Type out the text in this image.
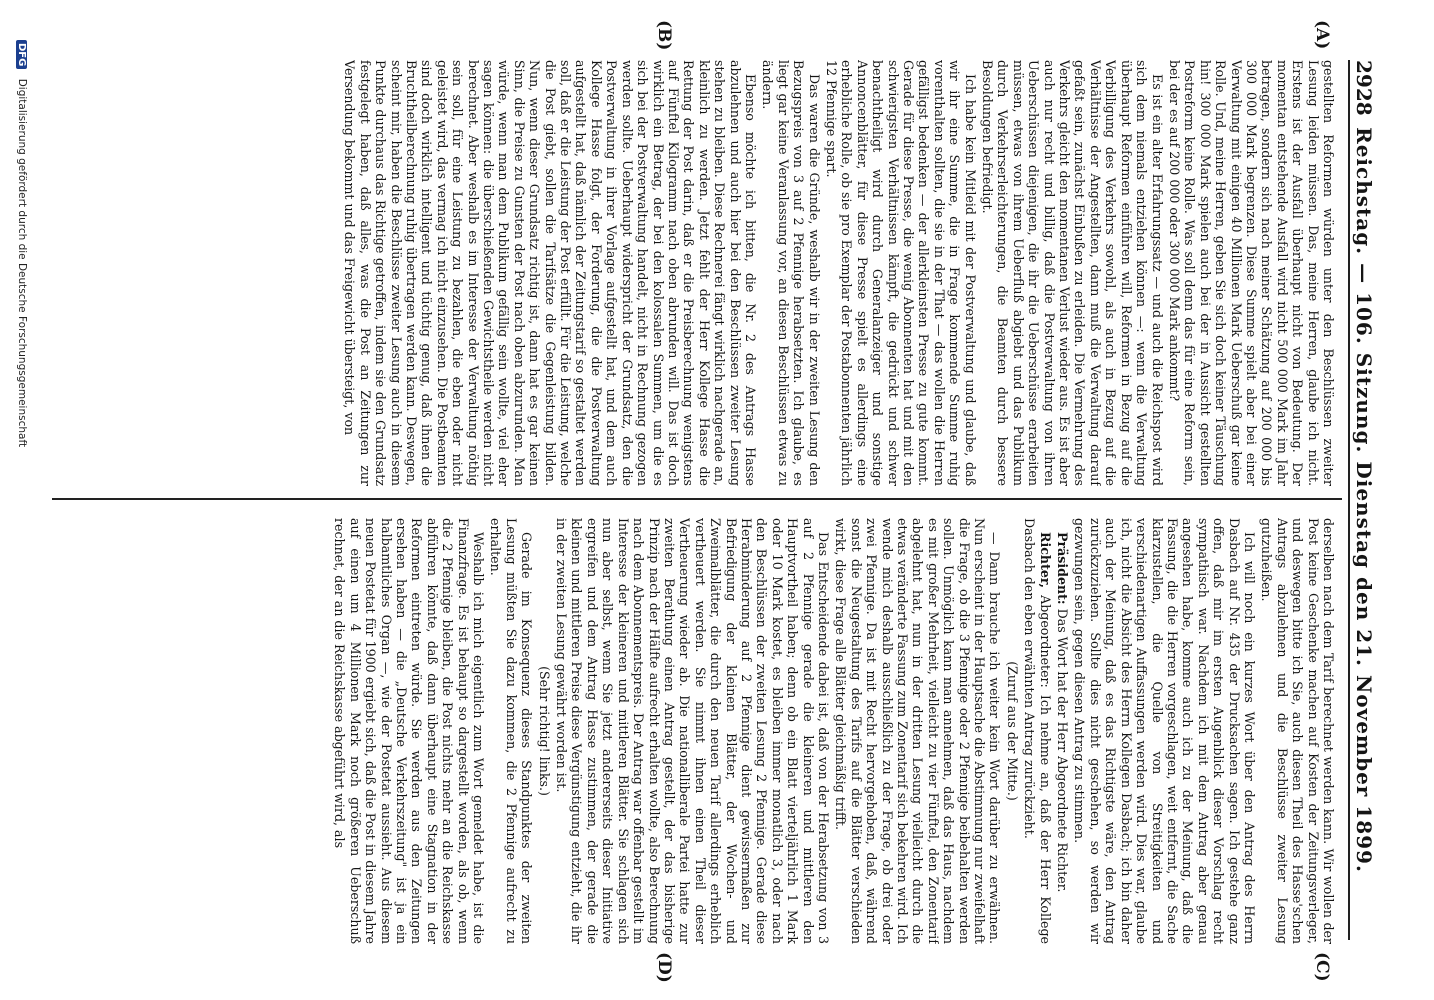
2928
Reichstag. — 106. Sitzung. Dienstag den 21. November 1899.
(A)
(B)
(C)
(D)

gestellten Reformen würden unter den Beschlüssen zweiter Lesung leiden müssen. Das, meine Herren, glaube ich nicht. Erstens ist der Ausfall überhaupt nicht von Bedeutung. Der momentan entstehende Ausfall wird nicht 500 000 Mark im Jahr betragen, sondern sich nach meiner Schätzung auf 200 000 bis 300 000 Mark begrenzen. Diese Summe spielt aber bei einer Verwaltung mit einigen 40 Millionen Mark Ueberschuß gar keine Rolle. Und, meine Herren, geben Sie sich doch keiner Täuschung hin! 300 000 Mark spielen auch bei der in Aussicht gestellten Postreform keine Rolle. Was soll denn das für eine Reform sein, bei der es auf 200 000 oder 300 000 Mark ankommt?

Es ist ein alter Erfahrungssatz — und auch die Reichspost wird sich dem niemals entziehen können —: wenn die Verwaltung überhaupt Reformen einführen will, Reformen in Bezug auf die Verbilligung des Verkehrs sowohl, als auch in Bezug auf die Verhältnisse der Angestellten, dann muß die Verwaltung darauf gefaßt sein, zunächst Einbußen zu erleiden. Die Vermehrung des Verkehrs gleicht den momentanen Verlust wieder aus. Es ist aber auch nur recht und billig, daß die Postverwaltung von ihren Ueberschüssen diejenigen, die ihr die Ueberschüsse erarbeiten müssen, etwas von ihrem Ueberfluß abgiebt und das Publikum durch Verkehrserleichterungen, die Beamten durch bessere Besoldungen befriedigt.

Ich habe kein Mitleid mit der Postverwaltung und glaube, daß wir ihr eine Summe, die in Frage kommende Summe ruhig vorenthalten sollten, die sie in der That — das wollen die Herren gefälligst bedenken — der allerkleinsten Presse zu gute kommt. Gerade für diese Presse, die wenig Abonnenten hat und mit den schwierigsten Verhältnissen kämpft, die gedrückt und schwer benachtheiligt wird durch Generalanzeiger und sonstige Annoncenblätter, für diese Presse spielt es allerdings eine erhebliche Rolle, ob sie pro Exemplar der Postabonnenten jährlich 12 Pfennige spart.

Das waren die Gründe, weshalb wir in der zweiten Lesung den Bezugspreis von 3 auf 2 Pfennige herabsetzten. Ich glaube, es liegt gar keine Veranlassung vor, an diesen Beschlüssen etwas zu ändern.

Ebenso möchte ich bitten, die Nr. 2 des Antrags Hasse abzulehnen und auch hier bei den Beschlüssen zweiter Lesung stehen zu bleiben. Diese Rechnerei fängt wirklich nachgerade an, kleinlich zu werden. Jetzt fehlt der Herr Kollege Hasse die Rettung der Post darin, daß er die Preisberechnung wenigstens auf Fünftel Kilogramm nach oben abrunden will. Das ist doch wirklich ein Betrag, der bei den kolossalen Summen, um die es sich bei der Postverwaltung handelt, nicht in Rechnung gezogen werden sollte. Ueberhaupt widerspricht der Grundsatz, den die Postverwaltung in ihrer Vorlage aufgestellt hat, und dem auch Kollege Hasse folgt, der Forderung, die die Postverwaltung aufgestellt hat, daß nämlich der Zeitungstarif so gestaltet werden soll, daß er die Leistung der Post erfüllt. Für die Leistung, welche die Post giebt, sollen die Tarifsätze die Gegenleistung bilden. Nun, wenn dieser Grundsatz richtig ist, dann hat es gar keinen Sinn, die Preise zu Gunsten der Post nach oben abzurunden. Man würde, wenn man dem Publikum gefällig sein wollte, viel eher sagen können: die überschießenden Gewichtstheile werden nicht berechnet. Aber weshalb es im Interesse der Verwaltung nöthig sein soll, für eine Leistung zu bezahlen, die eben oder nicht geleistet wird, das vermag ich nicht einzusehen. Die Postbeamten sind doch wirklich intelligent und tüchtig genug, daß ihnen die Bruchtheilberechnung ruhig übertragen werden kann. Deswegen, scheint mir, haben die Beschlüsse zweiter Lesung auch in diesem Punkte durchaus das Richtige getroffen, indem sie den Grundsatz festgelegt haben, daß alles, was die Post an Zeitungen zur Versendung bekommt und das Freigewicht übersteigt, von

derselben nach dem Tarif berechnet werden kann. Wir wollen der Post keine Geschenke machen auf Kosten der Zeitungsverleger, und deswegen bitte ich Sie, auch diesen Theil des Hasse'schen Antrags abzulehnen und die Beschlüsse zweiter Lesung gutzuheißen.

Ich will noch ein kurzes Wort über den Antrag des Herrn Dasbach auf Nr. 435 der Drucksachen sagen. Ich gestehe ganz offen, daß mir im ersten Augenblick dieser Vorschlag recht sympathisch war. Nachdem ich mit dem Antrag aber genau angesehen habe, komme auch ich zu der Meinung, daß die Fassung, die die Herren vorgeschlagen, weit entfernt, die Sache klarzustellen, die Quelle von Streitigkeiten und verschiedenartigen Auffassungen werden wird. Dies war, glaube ich, nicht die Absicht des Herrn Kollegen Dasbach; ich bin daher auch der Meinung, daß es das Richtigste wäre, den Antrag zurückzuziehen. Sollte dies nicht geschehen, so werden wir gezwungen sein, gegen diesen Antrag zu stimmen.

Präsident: Das Wort hat der Herr Abgeordnete Richter.

Richter, Abgeordneter: Ich nehme an, daß der Herr Kollege Dasbach den eben erwähnten Antrag zurückzieht.

(Zuruf aus der Mitte.)

— Dann brauche ich weiter kein Wort darüber zu erwähnen. Nun erscheint in der Hauptsache die Abstimmung nur zweifelhaft die Frage, ob die 3 Pfennige oder 2 Pfennige beibehalten werden sollen. Unmöglich kann man annehmen, daß das Haus, nachdem es mit großer Mehrheit, vielleicht zu vier Fünftel, den Zonentarif abgelehnt hat, nun in der dritten Lesung vielleicht durch die etwas veränderte Fassung zum Zonentarif sich bekehren wird. Ich wende mich deshalb ausschließlich zu der Frage, ob drei oder zwei Pfennige. Da ist mit Recht hervorgehoben, daß, während sonst die Neugestaltung des Tarifs auf die Blätter verschieden wirkt, diese Frage alle Blätter gleichmäßig trifft.

Das Entscheidende dabei ist, daß von der Herabsetzung von 3 auf 2 Pfennige gerade die kleineren und mittleren den Hauptvortheil haben; denn ob ein Blatt vierteljährlich 1 Mark oder 10 Mark kostet, es bleiben immer monatlich 3, oder nach den Beschlüssen der zweiten Lesung 2 Pfennige. Gerade diese Herabminderung auf 2 Pfennige dient gewissermaßen zur Befriedigung der kleinen Blätter, der Wochen- und Zweimalblätter, die durch den neuen Tarif allerdings erheblich vertheuert werden. Sie nimmt ihnen einen Theil dieser Vertheuerung wieder ab. Die nationalliberale Partei hatte zur zweiten Berathung einen Antrag gestellt, der das bisherige Prinzip nach der Hälfte aufrecht erhalten wollte, also Berechnung nach dem Abonnementspreis. Der Antrag war offenbar gestellt im Interesse der kleineren und mittleren Blätter. Sie schlagen sich nun aber selbst, wenn Sie jetzt andererseits dieser Initiative ergreifen und dem Antrag Hasse zustimmen, der gerade die kleinen und mittleren Preise diese Vergünstigung entzieht, die ihr in der zweiten Lesung gewährt worden ist.

(Sehr richtig! links.)

Gerade im Konsequenz dieses Standpunktes der zweiten Lesung müßten Sie dazu kommen, die 2 Pfennige aufrecht zu erhalten.

Weshalb ich mich eigentlich zum Wort gemeldet habe, ist die Finanzfrage. Es ist behaupt so dargestellt worden, als ob, wenn die 2 Pfennige bleiben, die Post nichts mehr an die Reichskasse abführen könnte, daß dann überhaupt eine Stagnation in der Reformen eintreten würde. Sie werden aus den Zeitungen ersehen haben — die „Deutsche Verkehrszeitung" ist ja ein halbamtliches Organ —, wie der Postetat aussieht. Aus diesem neuen Postetat für 1900 ergiebt sich, daß die Post in diesem Jahre auf einen um 4 Millionen Mark noch größeren Ueberschuß rechnet, der an die Reichskasse abgeführt wird, als

DFG Digitalisierung gefördert durch die Deutsche Forschungsgemeinschaft
